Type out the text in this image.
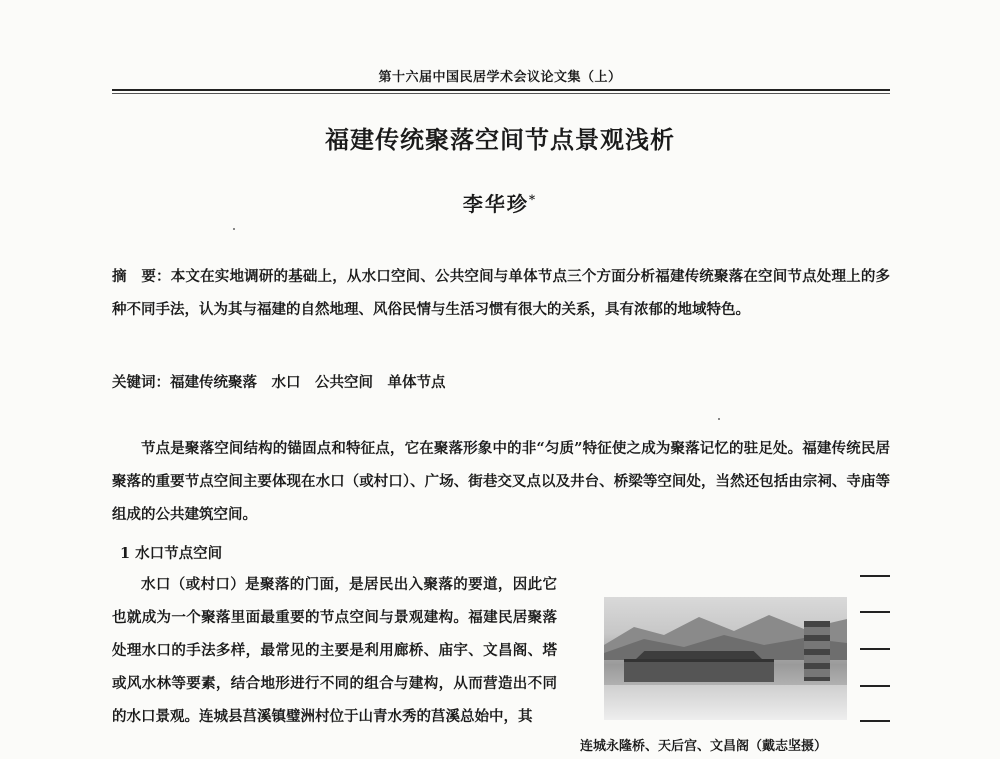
第十六届中国民居学术会议论文集（上）
福建传统聚落空间节点景观浅析
李华珍*
摘　要：本文在实地调研的基础上，从水口空间、公共空间与单体节点三个方面分析福建传统聚落在空间节点处理上的多种不同手法，认为其与福建的自然地理、风俗民情与生活习惯有很大的关系，具有浓郁的地域特色。
关键词：福建传统聚落　水口　公共空间　单体节点
节点是聚落空间结构的锚固点和特征点，它在聚落形象中的非“匀质”特征使之成为聚落记忆的驻足处。福建传统民居聚落的重要节点空间主要体现在水口（或村口）、广场、街巷交叉点以及井台、桥梁等空间处，当然还包括由宗祠、寺庙等组成的公共建筑空间。
1 水口节点空间
水口（或村口）是聚落的门面，是居民出入聚落的要道，因此它也就成为一个聚落里面最重要的节点空间与景观建构。福建民居聚落处理水口的手法多样，最常见的主要是利用廊桥、庙宇、文昌阁、塔或风水林等要素，结合地形进行不同的组合与建构，从而营造出不同的水口景观。连城县莒溪镇璧洲村位于山青水秀的莒溪总始中，其
连城永隆桥、天后宫、文昌阁（戴志坚摄）
